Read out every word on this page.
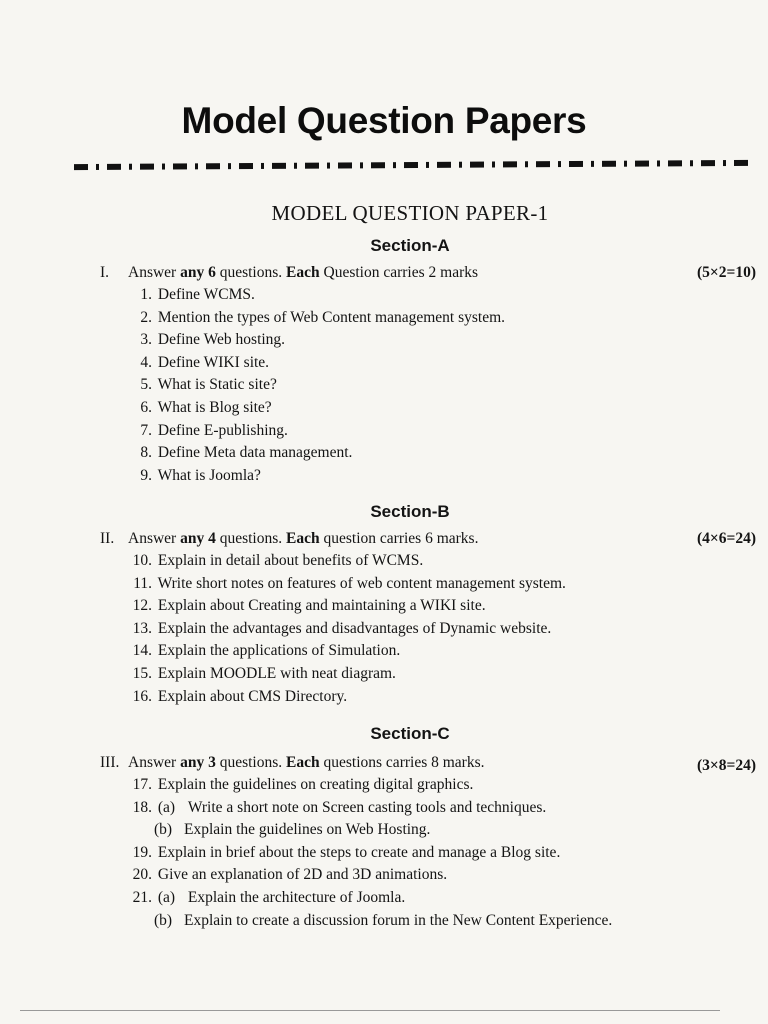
Model Question Papers
MODEL QUESTION PAPER-1
Section-A
I. Answer any 6 questions. Each Question carries 2 marks	(5×2=10)
1. Define WCMS.
2. Mention the types of Web Content management system.
3. Define Web hosting.
4. Define WIKI site.
5. What is Static site?
6. What is Blog site?
7. Define E-publishing.
8. Define Meta data management.
9. What is Joomla?
Section-B
II. Answer any 4 questions. Each question carries 6 marks.	(4×6=24)
10. Explain in detail about benefits of WCMS.
11. Write short notes on features of web content management system.
12. Explain about Creating and maintaining a WIKI site.
13. Explain the advantages and disadvantages of Dynamic website.
14. Explain the applications of Simulation.
15. Explain MOODLE with neat diagram.
16. Explain about CMS Directory.
Section-C
III. Answer any 3 questions. Each questions carries 8 marks.	(3×8=24)
17. Explain the guidelines on creating digital graphics.
18. (a) Write a short note on Screen casting tools and techniques.
(b) Explain the guidelines on Web Hosting.
19. Explain in brief about the steps to create and manage a Blog site.
20. Give an explanation of 2D and 3D animations.
21. (a) Explain the architecture of Joomla.
(b) Explain to create a discussion forum in the New Content Experience.
